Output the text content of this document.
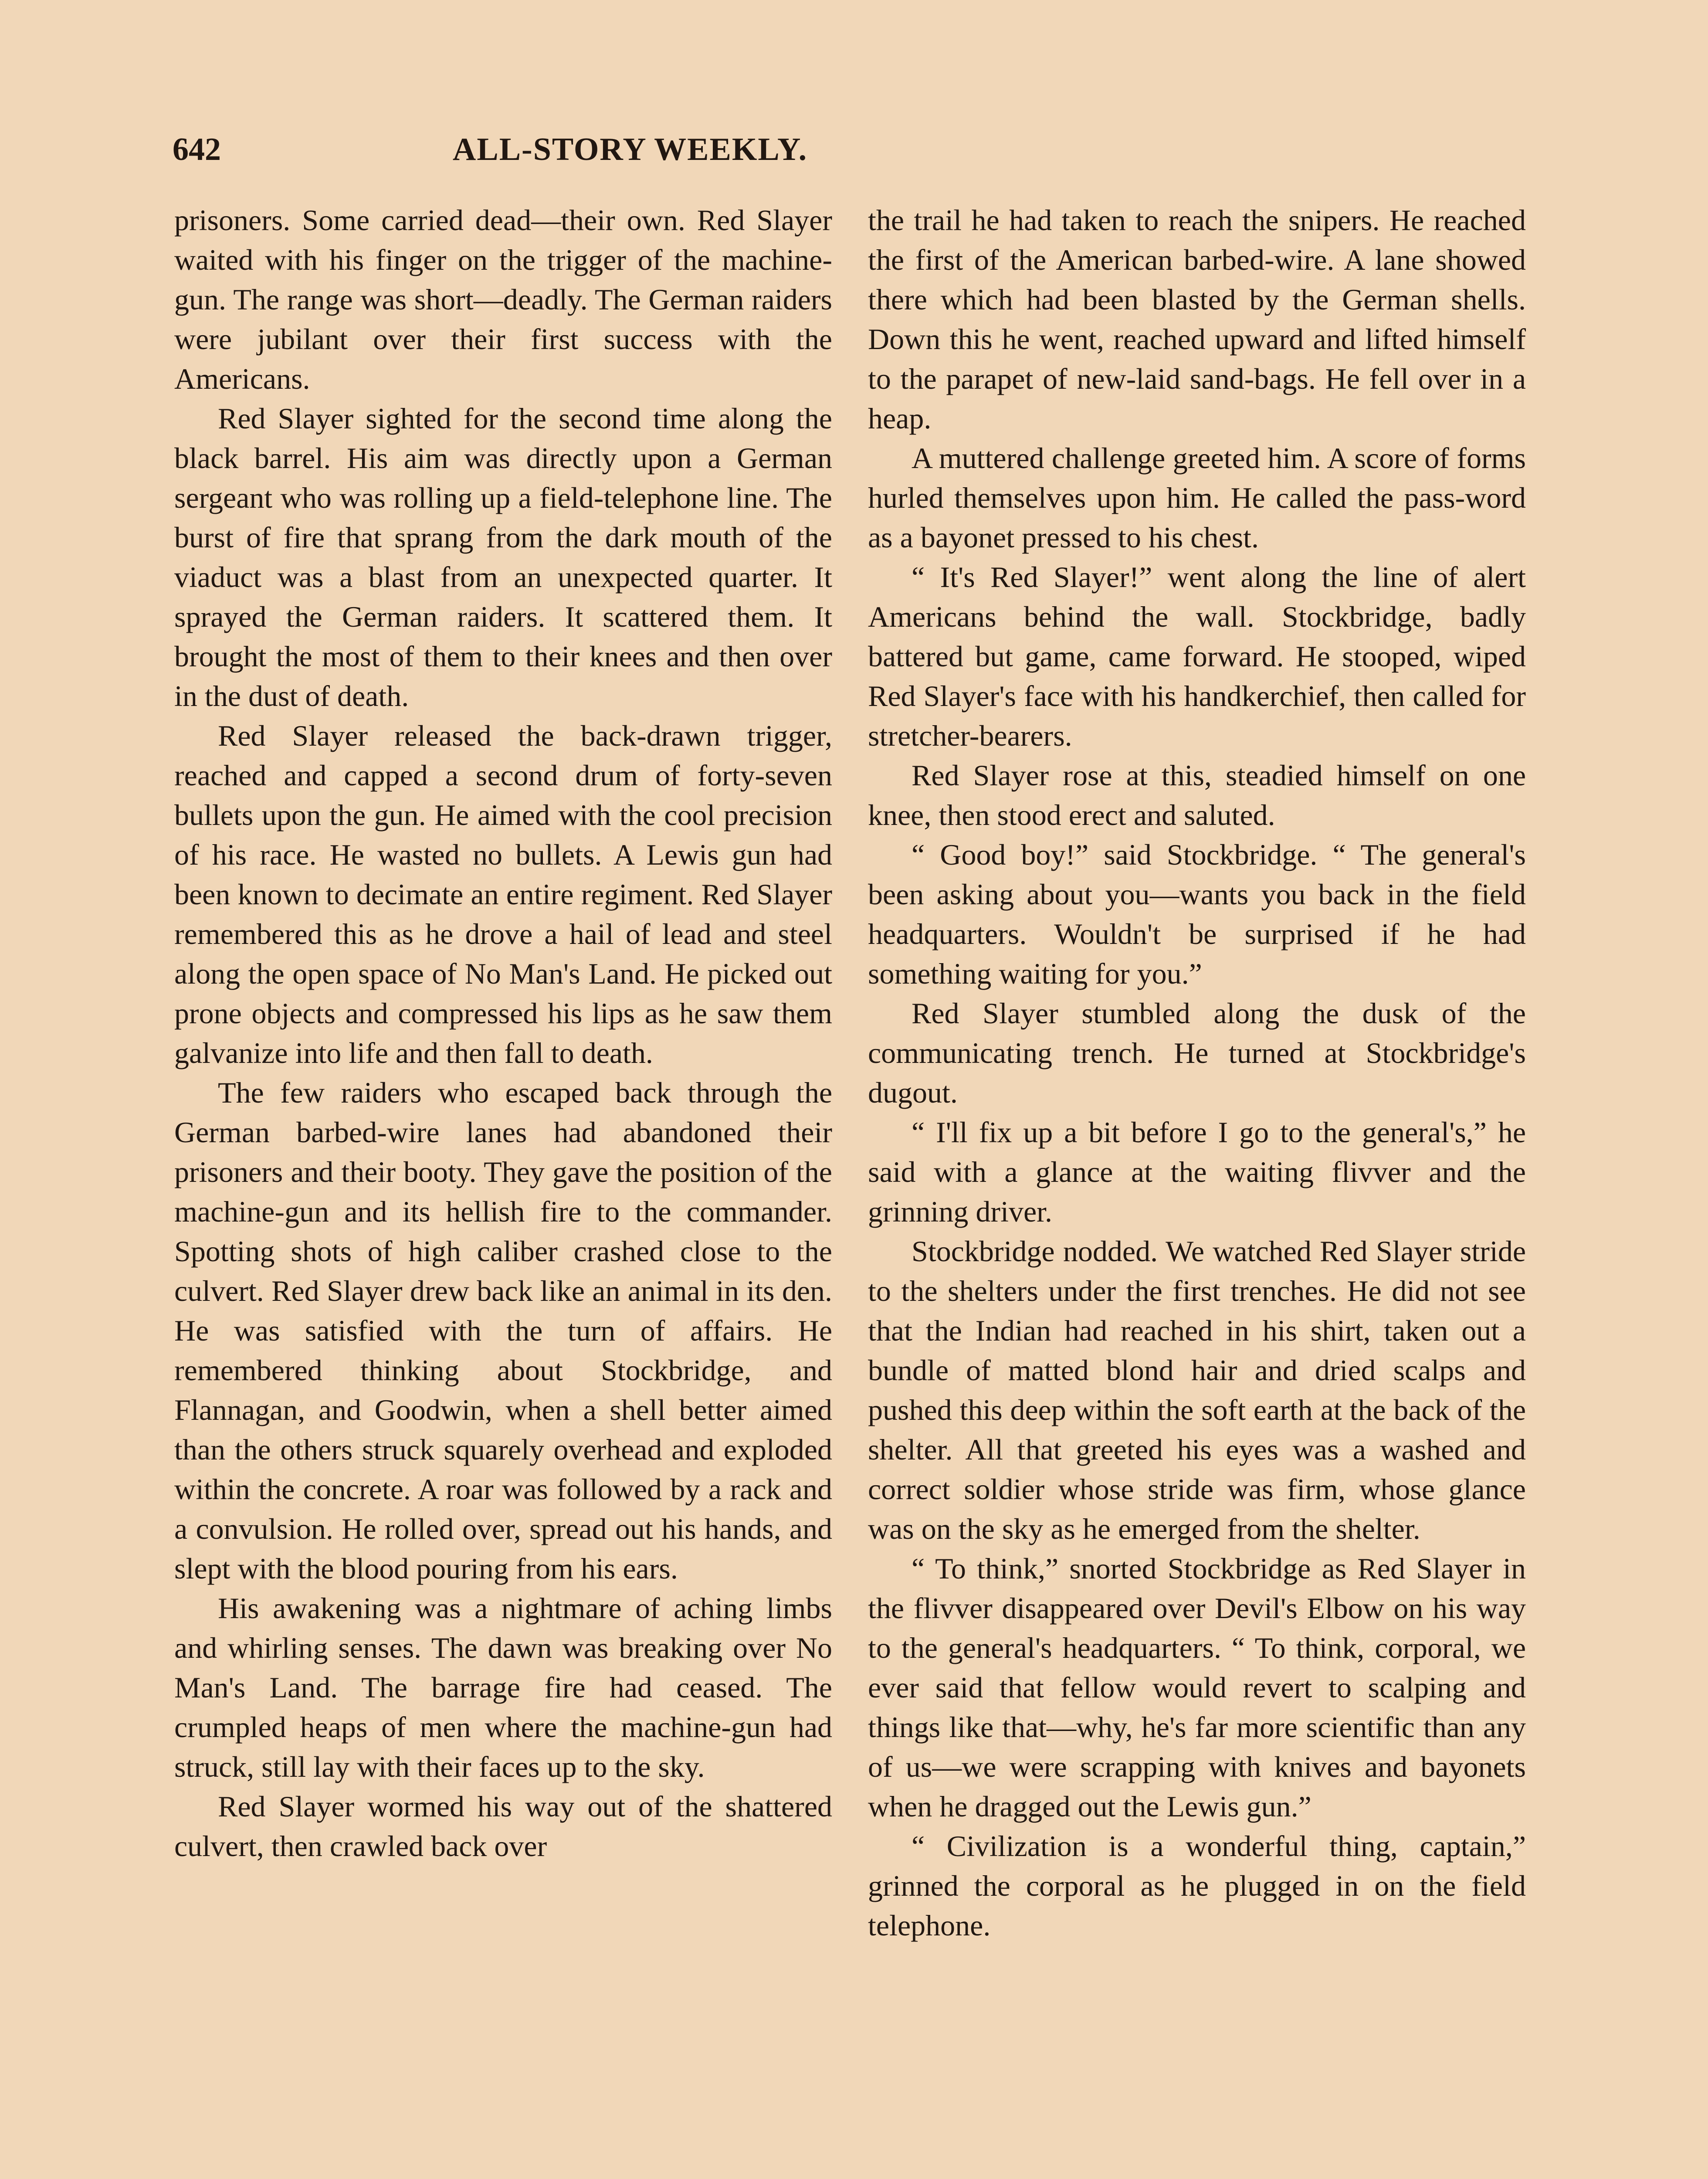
642	ALL-STORY WEEKLY.

prisoners. Some carried dead—their own. Red Slayer waited with his finger on the trigger of the machine-gun. The range was short—deadly. The German raiders were jubilant over their first success with the Americans.

Red Slayer sighted for the second time along the black barrel. His aim was directly upon a German sergeant who was rolling up a field-telephone line. The burst of fire that sprang from the dark mouth of the viaduct was a blast from an unexpected quarter. It sprayed the German raiders. It scattered them. It brought the most of them to their knees and then over in the dust of death.

Red Slayer released the back-drawn trigger, reached and capped a second drum of forty-seven bullets upon the gun. He aimed with the cool precision of his race. He wasted no bullets. A Lewis gun had been known to decimate an entire regiment. Red Slayer remembered this as he drove a hail of lead and steel along the open space of No Man's Land. He picked out prone objects and compressed his lips as he saw them galvanize into life and then fall to death.

The few raiders who escaped back through the German barbed-wire lanes had abandoned their prisoners and their booty. They gave the position of the machine-gun and its hellish fire to the commander. Spotting shots of high caliber crashed close to the culvert. Red Slayer drew back like an animal in its den. He was satisfied with the turn of affairs. He remembered thinking about Stockbridge, and Flannagan, and Goodwin, when a shell better aimed than the others struck squarely overhead and exploded within the concrete. A roar was followed by a rack and a convulsion. He rolled over, spread out his hands, and slept with the blood pouring from his ears.

His awakening was a nightmare of aching limbs and whirling senses. The dawn was breaking over No Man's Land. The barrage fire had ceased. The crumpled heaps of men where the machine-gun had struck, still lay with their faces up to the sky.

Red Slayer wormed his way out of the shattered culvert, then crawled back over

the trail he had taken to reach the snipers. He reached the first of the American barbed-wire. A lane showed there which had been blasted by the German shells. Down this he went, reached upward and lifted himself to the parapet of new-laid sand-bags. He fell over in a heap.

A muttered challenge greeted him. A score of forms hurled themselves upon him. He called the pass-word as a bayonet pressed to his chest.

“ It's Red Slayer!” went along the line of alert Americans behind the wall. Stockbridge, badly battered but game, came forward. He stooped, wiped Red Slayer's face with his handkerchief, then called for stretcher-bearers.

Red Slayer rose at this, steadied himself on one knee, then stood erect and saluted.

“ Good boy!” said Stockbridge. “ The general's been asking about you—wants you back in the field headquarters. Wouldn't be surprised if he had something waiting for you.”

Red Slayer stumbled along the dusk of the communicating trench. He turned at Stockbridge's dugout.

“ I'll fix up a bit before I go to the general's,” he said with a glance at the waiting flivver and the grinning driver.

Stockbridge nodded. We watched Red Slayer stride to the shelters under the first trenches. He did not see that the Indian had reached in his shirt, taken out a bundle of matted blond hair and dried scalps and pushed this deep within the soft earth at the back of the shelter. All that greeted his eyes was a washed and correct soldier whose stride was firm, whose glance was on the sky as he emerged from the shelter.

“ To think,” snorted Stockbridge as Red Slayer in the flivver disappeared over Devil's Elbow on his way to the general's headquarters. “ To think, corporal, we ever said that fellow would revert to scalping and things like that—why, he's far more scientific than any of us—we were scrapping with knives and bayonets when he dragged out the Lewis gun.”

“ Civilization is a wonderful thing, captain,” grinned the corporal as he plugged in on the field telephone.
